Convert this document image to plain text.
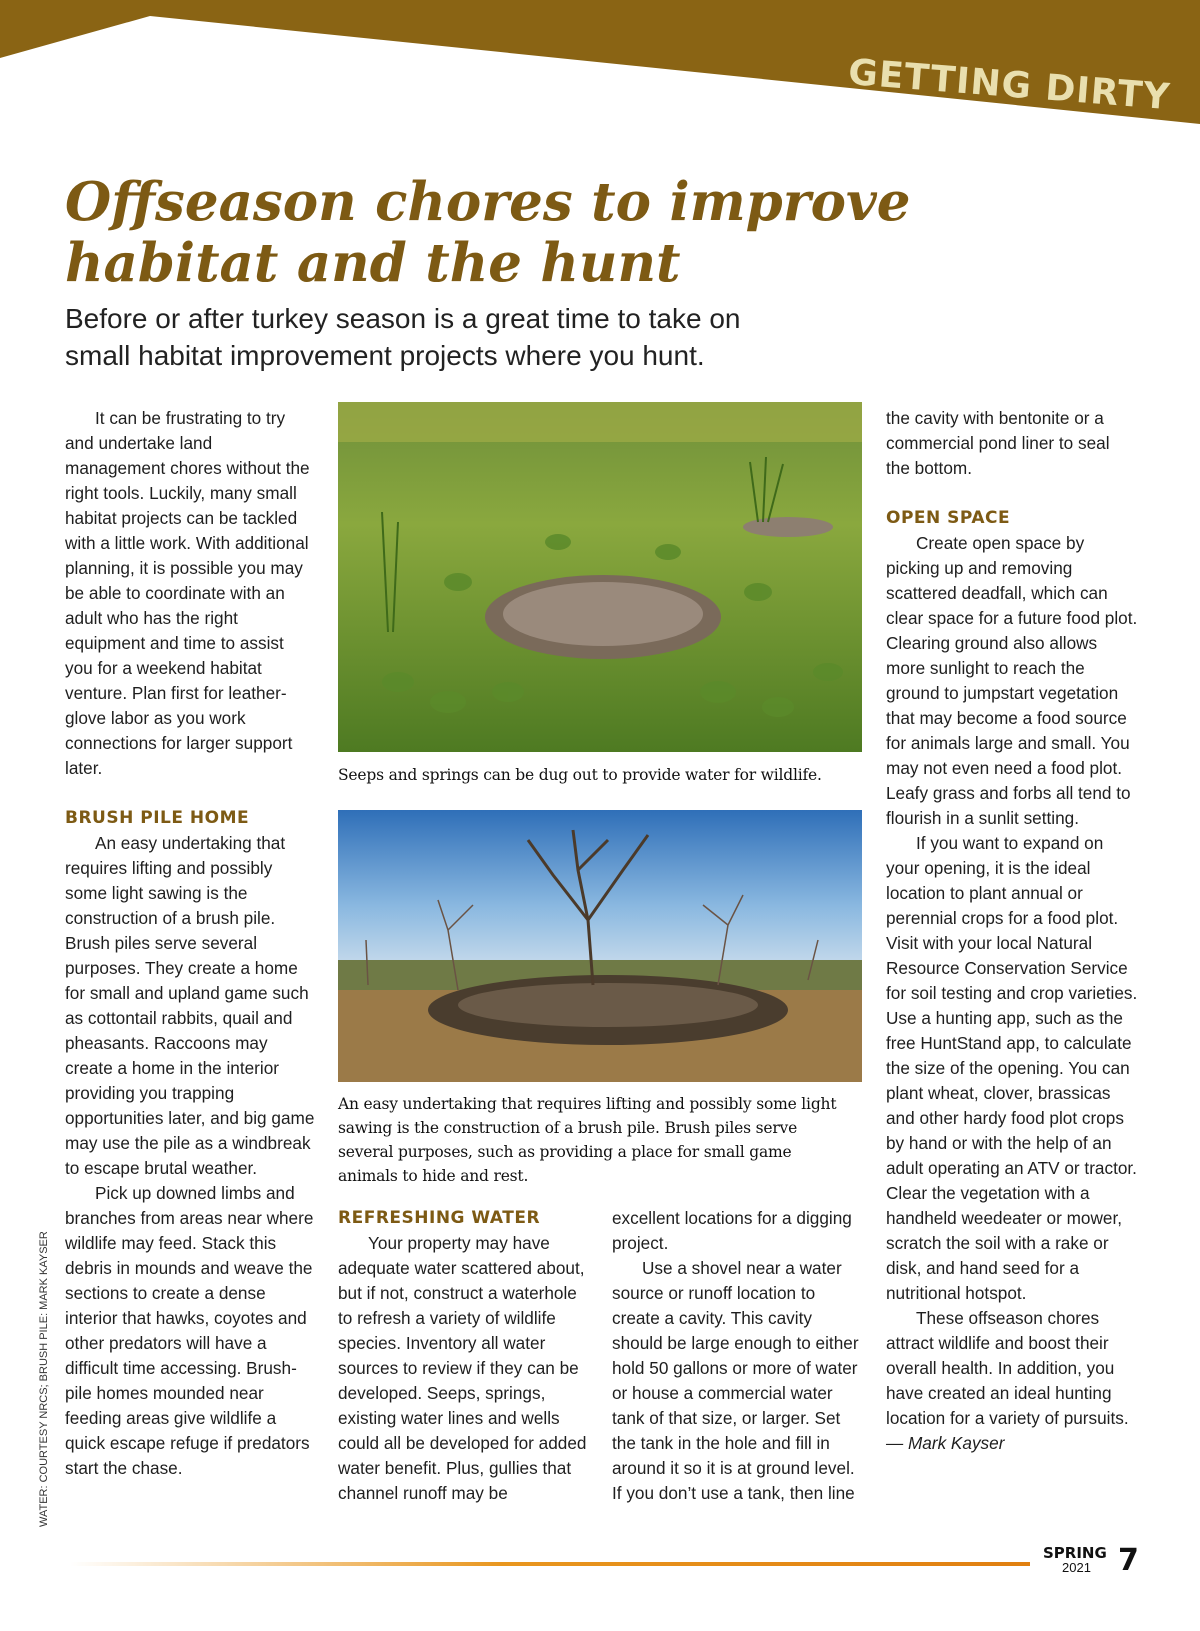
GETTING DIRTY
Offseason chores to improve habitat and the hunt

Before or after turkey season is a great time to take on small habitat improvement projects where you hunt.

It can be frustrating to try and undertake land management chores without the right tools. Luckily, many small habitat projects can be tackled with a little work. With additional planning, it is possible you may be able to coordinate with an adult who has the right equipment and time to assist you for a weekend habitat venture. Plan first for leather-glove labor as you work connections for larger support later.

BRUSH PILE HOME

An easy undertaking that requires lifting and possibly some light sawing is the construction of a brush pile. Brush piles serve several purposes. They create a home for small and upland game such as cottontail rabbits, quail and pheasants. Raccoons may create a home in the interior providing you trapping opportunities later, and big game may use the pile as a windbreak to escape brutal weather.

Pick up downed limbs and branches from areas near where wildlife may feed. Stack this debris in mounds and weave the sections to create a dense interior that hawks, coyotes and other predators will have a difficult time accessing. Brush-pile homes mounded near feeding areas give wildlife a quick escape refuge if predators start the chase.

Seeps and springs can be dug out to provide water for wildlife.

An easy undertaking that requires lifting and possibly some light sawing is the construction of a brush pile. Brush piles serve several purposes, such as providing a place for small game animals to hide and rest.

REFRESHING WATER

Your property may have adequate water scattered about, but if not, construct a waterhole to refresh a variety of wildlife species. Inventory all water sources to review if they can be developed. Seeps, springs, existing water lines and wells could all be developed for added water benefit. Plus, gullies that channel runoff may be

excellent locations for a digging project.

Use a shovel near a water source or runoff location to create a cavity. This cavity should be large enough to either hold 50 gallons or more of water or house a commercial water tank of that size, or larger. Set the tank in the hole and fill in around it so it is at ground level. If you don’t use a tank, then line

the cavity with bentonite or a commercial pond liner to seal the bottom.

OPEN SPACE

Create open space by picking up and removing scattered deadfall, which can clear space for a future food plot. Clearing ground also allows more sunlight to reach the ground to jumpstart vegetation that may become a food source for animals large and small. You may not even need a food plot. Leafy grass and forbs all tend to flourish in a sunlit setting.

If you want to expand on your opening, it is the ideal location to plant annual or perennial crops for a food plot. Visit with your local Natural Resource Conservation Service for soil testing and crop varieties. Use a hunting app, such as the free HuntStand app, to calculate the size of the opening. You can plant wheat, clover, brassicas and other hardy food plot crops by hand or with the help of an adult operating an ATV or tractor. Clear the vegetation with a handheld weedeater or mower, scratch the soil with a rake or disk, and hand seed for a nutritional hotspot.

These offseason chores attract wildlife and boost their overall health. In addition, you have created an ideal hunting location for a variety of pursuits. — Mark Kayser

WATER: COURTESY NRCS; BRUSH PILE: MARK KAYSER
SPRING
2021 7
